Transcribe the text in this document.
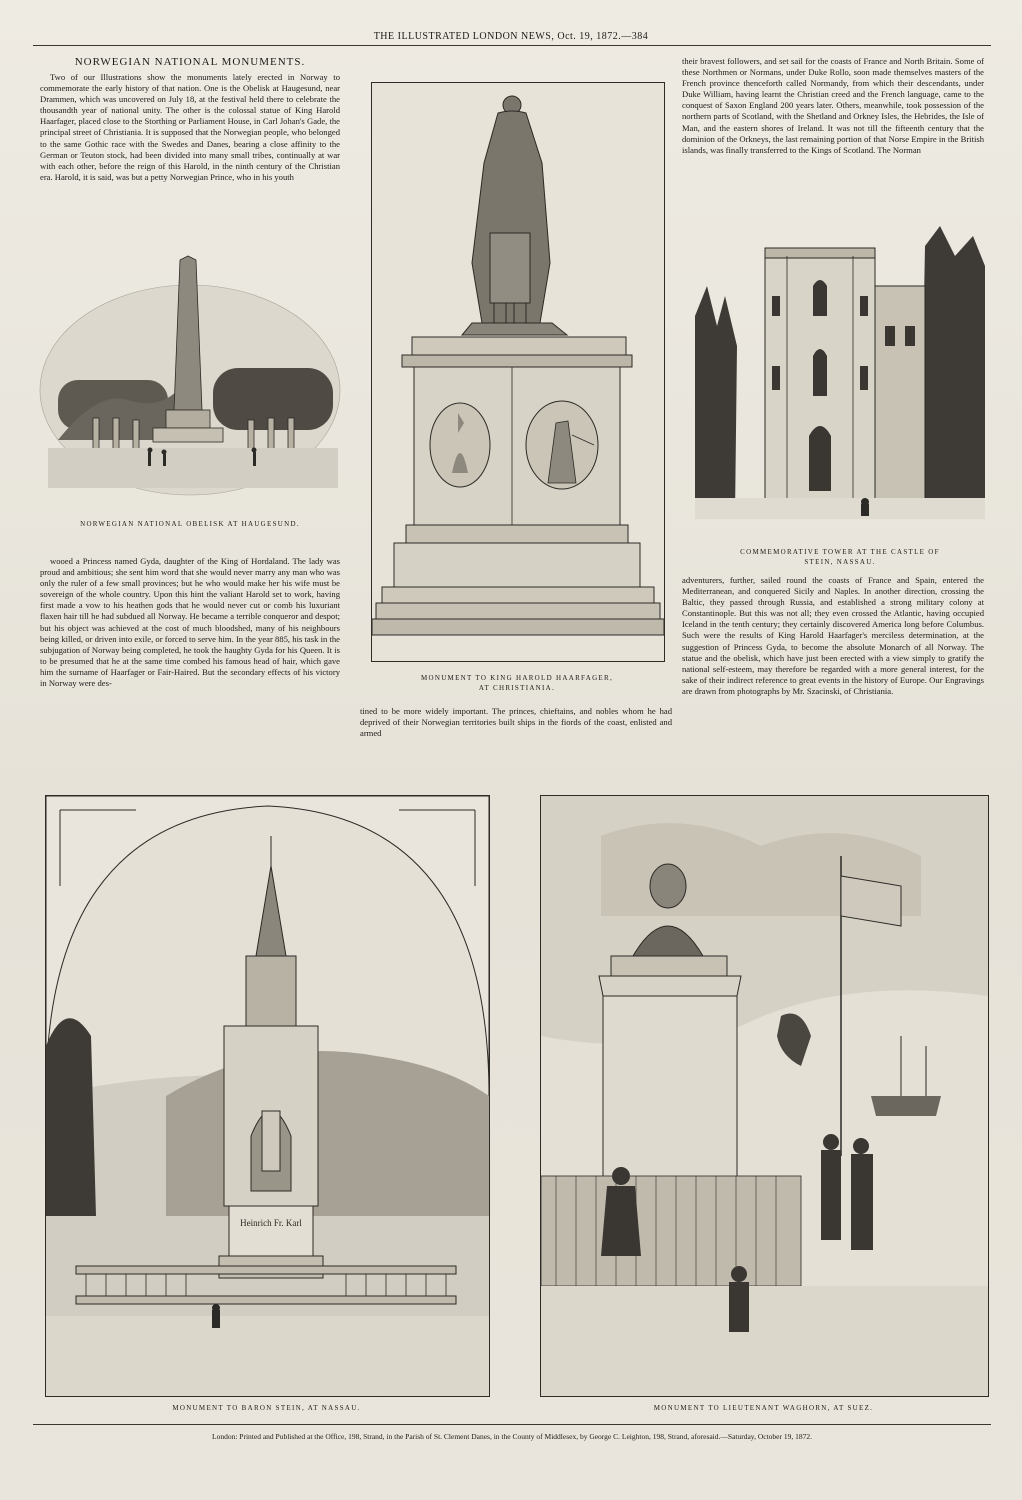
THE ILLUSTRATED LONDON NEWS, Oct. 19, 1872.—384
NORWEGIAN NATIONAL MONUMENTS.

Two of our Illustrations show the monuments lately erected in Norway to commemorate the early history of that nation. One is the Obelisk at Haugesund, near Drammen, which was uncovered on July 18, at the festival held there to celebrate the thousandth year of national unity. The other is the colossal statue of King Harold Haarfager, placed close to the Storthing or Parliament House, in Carl Johan's Gade, the principal street of Christiania. It is supposed that the Norwegian people, who belonged to the same Gothic race with the Swedes and Danes, bearing a close affinity to the German or Teuton stock, had been divided into many small tribes, continually at war with each other, before the reign of this Harold, in the ninth century of the Christian era. Harold, it is said, was but a petty Norwegian Prince, who in his youth

NORWEGIAN NATIONAL OBELISK AT HAUGESUND.

wooed a Princess named Gyda, daughter of the King of Hordaland. The lady was proud and ambitious; she sent him word that she would never marry any man who was only the ruler of a few small provinces; but he who would make her his wife must be sovereign of the whole country. Upon this hint the valiant Harold set to work, having first made a vow to his heathen gods that he would never cut or comb his luxuriant flaxen hair till he had subdued all Norway. He became a terrible conqueror and despot; but his object was achieved at the cost of much bloodshed, many of his neighbours being killed, or driven into exile, or forced to serve him. In the year 885, his task in the subjugation of Norway being completed, he took the haughty Gyda for his Queen. It is to be presumed that he at the same time combed his famous head of hair, which gave him the surname of Haarfager or Fair-Haired. But the secondary effects of his victory in Norway were des-

MONUMENT TO KING HAROLD HAARFAGER,
AT CHRISTIANIA.

tined to be more widely important. The princes, chieftains, and nobles whom he had deprived of their Norwegian territories built ships in the fiords of the coast, enlisted and armed

their bravest followers, and set sail for the coasts of France and North Britain. Some of these Northmen or Normans, under Duke Rollo, soon made themselves masters of the French province thenceforth called Normandy, from which their descendants, under Duke William, having learnt the Christian creed and the French language, came to the conquest of Saxon England 200 years later. Others, meanwhile, took possession of the northern parts of Scotland, with the Shetland and Orkney Isles, the Hebrides, the Isle of Man, and the eastern shores of Ireland. It was not till the fifteenth century that the dominion of the Orkneys, the last remaining portion of that Norse Empire in the British islands, was finally transferred to the Kings of Scotland. The Norman

COMMEMORATIVE TOWER AT THE CASTLE OF
STEIN, NASSAU.

adventurers, further, sailed round the coasts of France and Spain, entered the Mediterranean, and conquered Sicily and Naples. In another direction, crossing the Baltic, they passed through Russia, and established a strong military colony at Constantinople. But this was not all; they even crossed the Atlantic, having occupied Iceland in the tenth century; they certainly discovered America long before Columbus. Such were the results of King Harold Haarfager's merciless determination, at the suggestion of Princess Gyda, to become the absolute Monarch of all Norway. The statue and the obelisk, which have just been erected with a view simply to gratify the national self-esteem, may therefore be regarded with a more general interest, for the sake of their indirect reference to great events in the history of Europe. Our Engravings are drawn from photographs by Mr. Szacinski, of Christiania.

Heinrich Fr. Karl
MONUMENT TO BARON STEIN, AT NASSAU.	MONUMENT TO LIEUTENANT WAGHORN, AT SUEZ.
London: Printed and Published at the Office, 198, Strand, in the Parish of St. Clement Danes, in the County of Middlesex, by George C. Leighton, 198, Strand, aforesaid.—Saturday, October 19, 1872.
